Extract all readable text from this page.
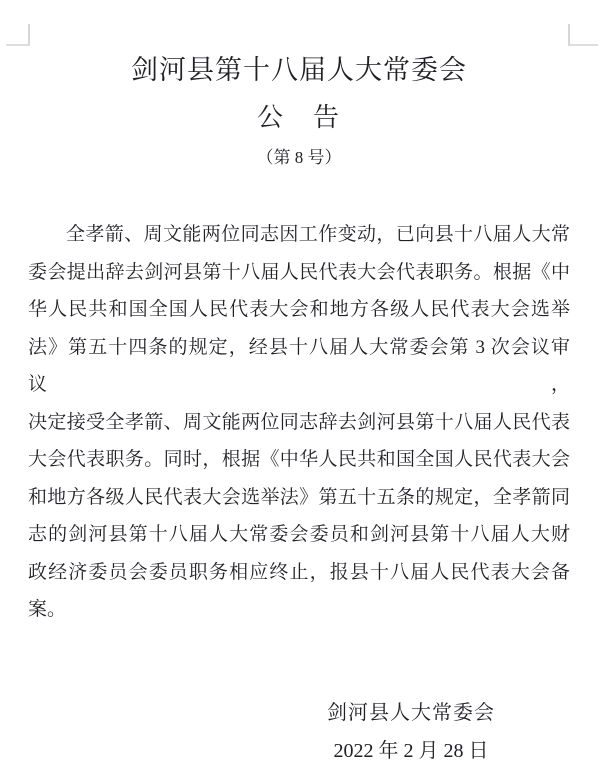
剑河县第十八届人大常委会
公　告
（第 8 号）
全孝箭、周文能两位同志因工作变动，已向县十八届人大常
委会提出辞去剑河县第十八届人民代表大会代表职务。根据《中
华人民共和国全国人民代表大会和地方各级人民代表大会选举
法》第五十四条的规定，经县十八届人大常委会第 3 次会议审议，
决定接受全孝箭、周文能两位同志辞去剑河县第十八届人民代表
大会代表职务。同时，根据《中华人民共和国全国人民代表大会
和地方各级人民代表大会选举法》第五十五条的规定，全孝箭同
志的剑河县第十八届人大常委会委员和剑河县第十八届人大财
政经济委员会委员职务相应终止，报县十八届人民代表大会备
案。
剑河县人大常委会
2022 年 2 月 28 日
